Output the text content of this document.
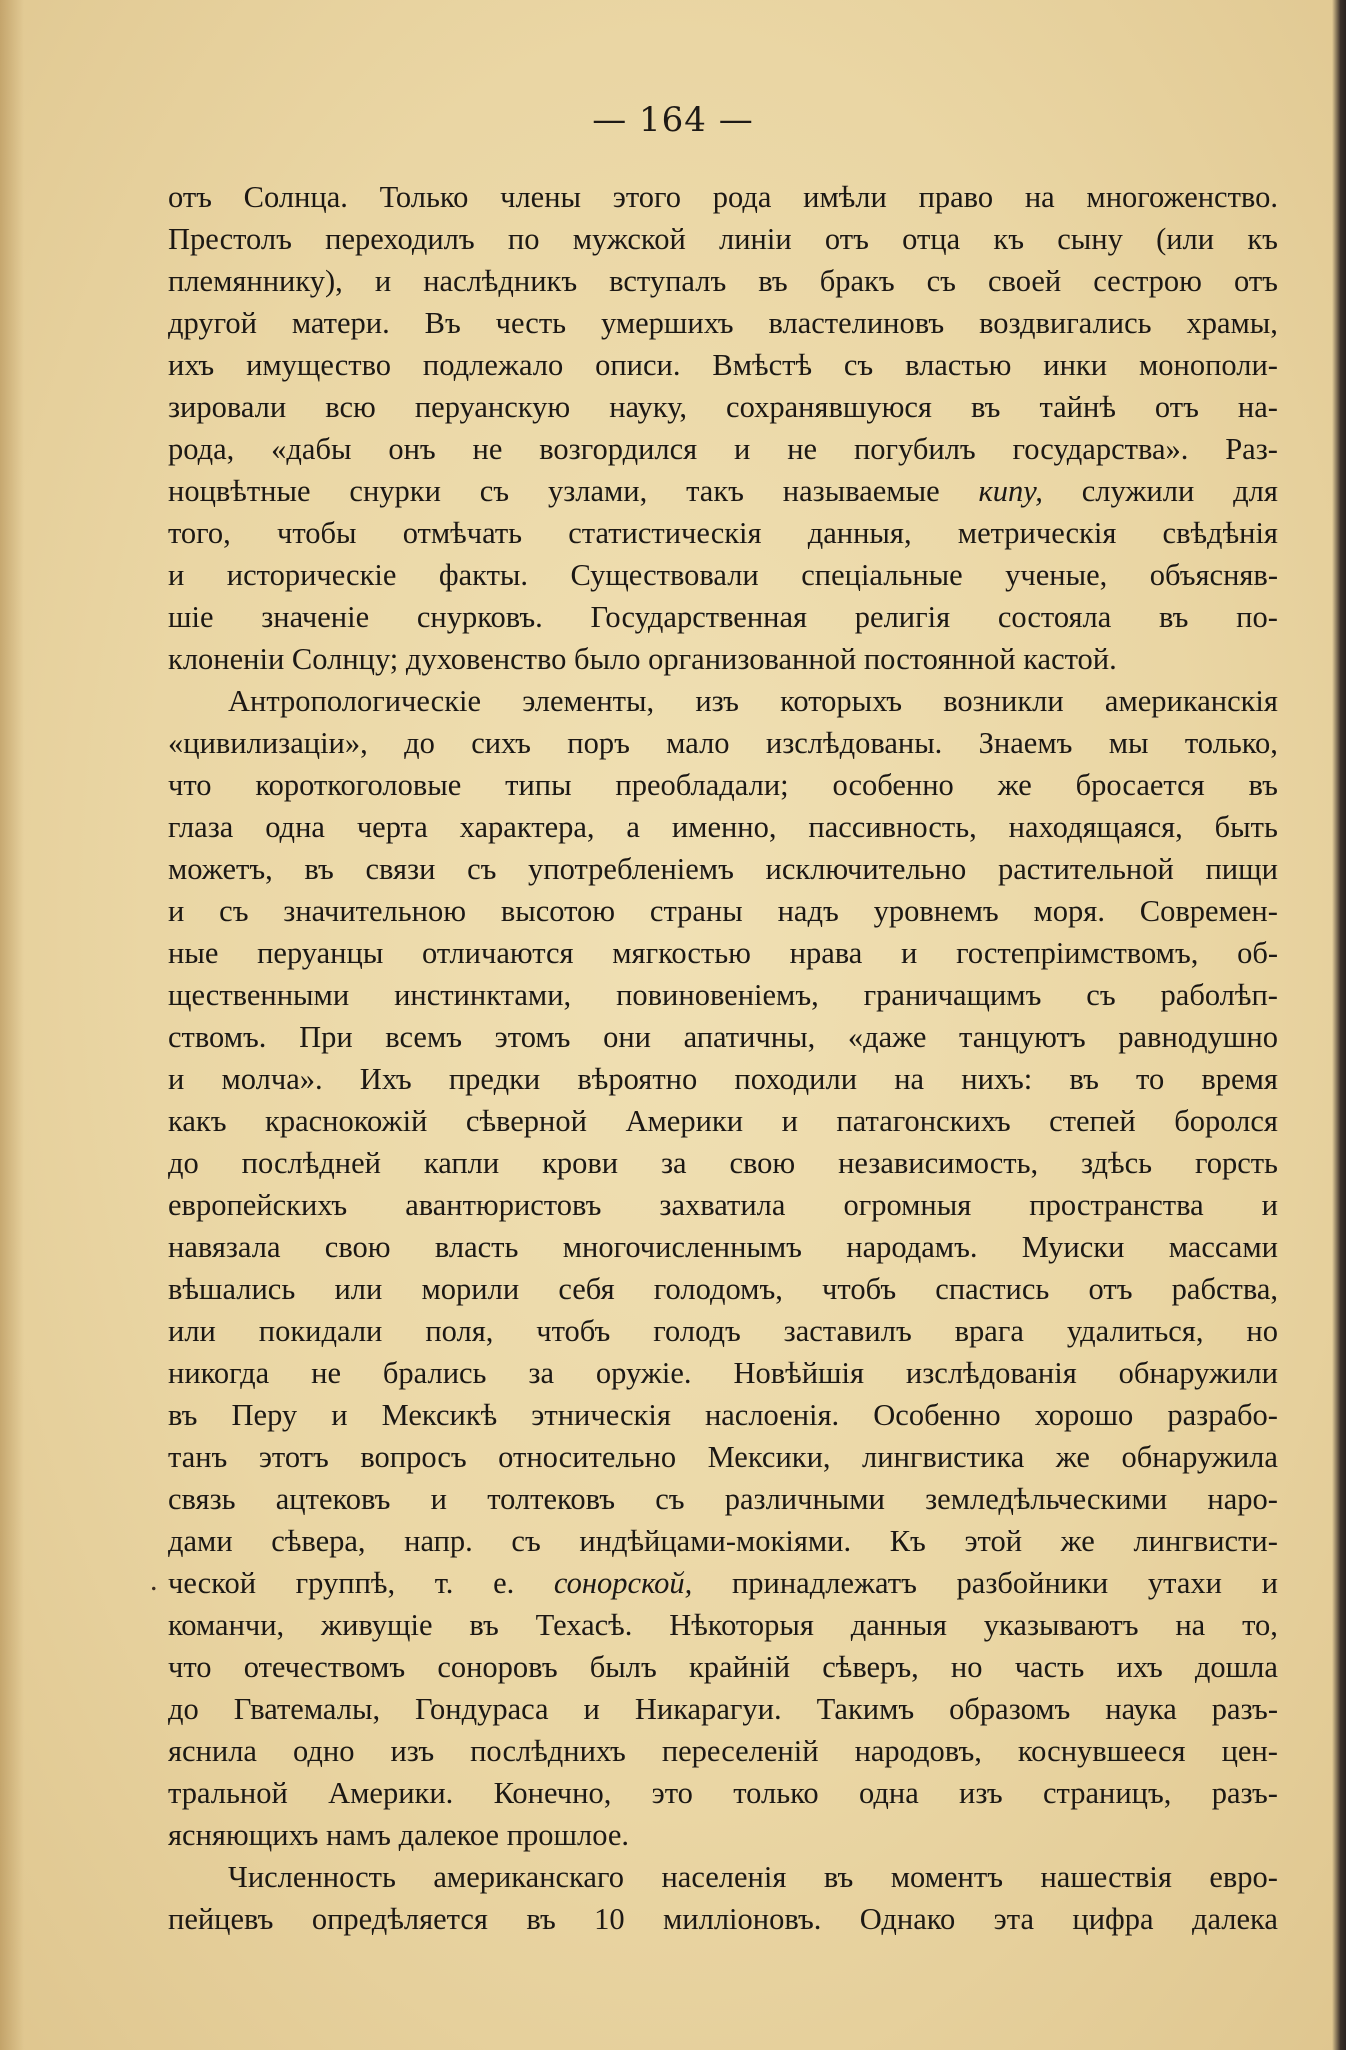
— 164 —
отъ Солнца. Только члены этого рода имѣли право на многоженство.
Престолъ переходилъ по мужской линіи отъ отца къ сыну (или къ
племяннику), и наслѣдникъ вступалъ въ бракъ съ своей сестрою отъ
другой матери. Въ честь умершихъ властелиновъ воздвигались храмы,
ихъ имущество подлежало описи. Вмѣстѣ съ властью инки монополи-
зировали всю перуанскую науку, сохранявшуюся въ тайнѣ отъ на-
рода, «дабы онъ не возгордился и не погубилъ государства». Раз-
ноцвѣтные снурки съ узлами, такъ называемые кипу, служили для
того, чтобы отмѣчать статистическія данныя, метрическія свѣдѣнія
и историческіе факты. Существовали спеціальные ученые, объясняв-
шіе значеніе снурковъ. Государственная религія состояла въ по-
клоненіи
Солнцу;
духовенство
было
организованной
постоянной
кастой.
Антропологическіе элементы, изъ которыхъ возникли американскія
«цивилизаціи», до сихъ поръ мало изслѣдованы. Знаемъ мы только,
что короткоголовые типы преобладали; особенно же бросается въ
глаза одна черта характера, а именно, пассивность, находящаяся, быть
можетъ, въ связи съ употребленіемъ исключительно растительной пищи
и съ значительною высотою страны надъ уровнемъ моря. Современ-
ные перуанцы отличаются мягкостью нрава и гостепріимствомъ, об-
щественными инстинктами, повиновеніемъ, граничащимъ съ раболѣп-
ствомъ. При всемъ этомъ они апатичны, «даже танцуютъ равнодушно
и молча». Ихъ предки вѣроятно походили на нихъ: въ то время
какъ краснокожій сѣверной Америки и патагонскихъ степей боролся
до послѣдней капли крови за свою независимость, здѣсь горсть
европейскихъ авантюристовъ захватила огромныя пространства и
навязала свою власть многочисленнымъ народамъ. Муиски массами
вѣшались или морили себя голодомъ, чтобъ спастись отъ рабства,
или покидали поля, чтобъ голодъ заставилъ врага удалиться, но
никогда не брались за оружіе. Новѣйшія изслѣдованія обнаружили
въ Перу и Мексикѣ этническія наслоенія. Особенно хорошо разрабо-
танъ этотъ вопросъ относительно Мексики, лингвистика же обнаружила
связь ацтековъ и толтековъ съ различными земледѣльческими наро-
дами сѣвера, напр. съ индѣйцами-мокіями. Къ этой же лингвисти-
ческой группѣ, т. е. сонорской, принадлежатъ разбойники утахи и
команчи, живущіе въ Техасѣ. Нѣкоторыя данныя указываютъ на то,
что отечествомъ соноровъ былъ крайній сѣверъ, но часть ихъ дошла
до Гватемалы, Гондураса и Никарагуи. Такимъ образомъ наука разъ-
яснила одно изъ послѣднихъ переселеній народовъ, коснувшееся цен-
тральной Америки. Конечно, это только одна изъ страницъ, разъ-
ясняющихъ
намъ
далекое
прошлое.
Численность американскаго населенія въ моментъ нашествія евро-
пейцевъ опредѣляется въ 10 милліоновъ. Однако эта цифра далека
.
